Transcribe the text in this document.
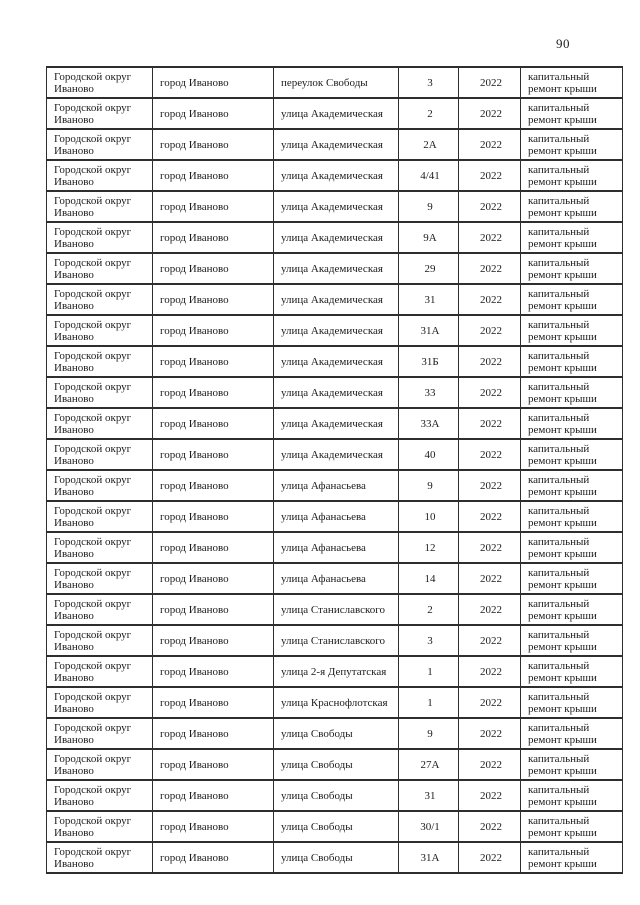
90
Городской округ Иваново	город Иваново	переулок Свободы	3	2022	капитальный ремонт крыши
Городской округ Иваново	город Иваново	улица Академическая	2	2022	капитальный ремонт крыши
Городской округ Иваново	город Иваново	улица Академическая	2А	2022	капитальный ремонт крыши
Городской округ Иваново	город Иваново	улица Академическая	4/41	2022	капитальный ремонт крыши
Городской округ Иваново	город Иваново	улица Академическая	9	2022	капитальный ремонт крыши
Городской округ Иваново	город Иваново	улица Академическая	9А	2022	капитальный ремонт крыши
Городской округ Иваново	город Иваново	улица Академическая	29	2022	капитальный ремонт крыши
Городской округ Иваново	город Иваново	улица Академическая	31	2022	капитальный ремонт крыши
Городской округ Иваново	город Иваново	улица Академическая	31А	2022	капитальный ремонт крыши
Городской округ Иваново	город Иваново	улица Академическая	31Б	2022	капитальный ремонт крыши
Городской округ Иваново	город Иваново	улица Академическая	33	2022	капитальный ремонт крыши
Городской округ Иваново	город Иваново	улица Академическая	33А	2022	капитальный ремонт крыши
Городской округ Иваново	город Иваново	улица Академическая	40	2022	капитальный ремонт крыши
Городской округ Иваново	город Иваново	улица Афанасьева	9	2022	капитальный ремонт крыши
Городской округ Иваново	город Иваново	улица Афанасьева	10	2022	капитальный ремонт крыши
Городской округ Иваново	город Иваново	улица Афанасьева	12	2022	капитальный ремонт крыши
Городской округ Иваново	город Иваново	улица Афанасьева	14	2022	капитальный ремонт крыши
Городской округ Иваново	город Иваново	улица Станиславского	2	2022	капитальный ремонт крыши
Городской округ Иваново	город Иваново	улица Станиславского	3	2022	капитальный ремонт крыши
Городской округ Иваново	город Иваново	улица 2-я Депутатская	1	2022	капитальный ремонт крыши
Городской округ Иваново	город Иваново	улица Краснофлотская	1	2022	капитальный ремонт крыши
Городской округ Иваново	город Иваново	улица Свободы	9	2022	капитальный ремонт крыши
Городской округ Иваново	город Иваново	улица Свободы	27А	2022	капитальный ремонт крыши
Городской округ Иваново	город Иваново	улица Свободы	31	2022	капитальный ремонт крыши
Городской округ Иваново	город Иваново	улица Свободы	30/1	2022	капитальный ремонт крыши
Городской округ Иваново	город Иваново	улица Свободы	31А	2022	капитальный ремонт крыши
